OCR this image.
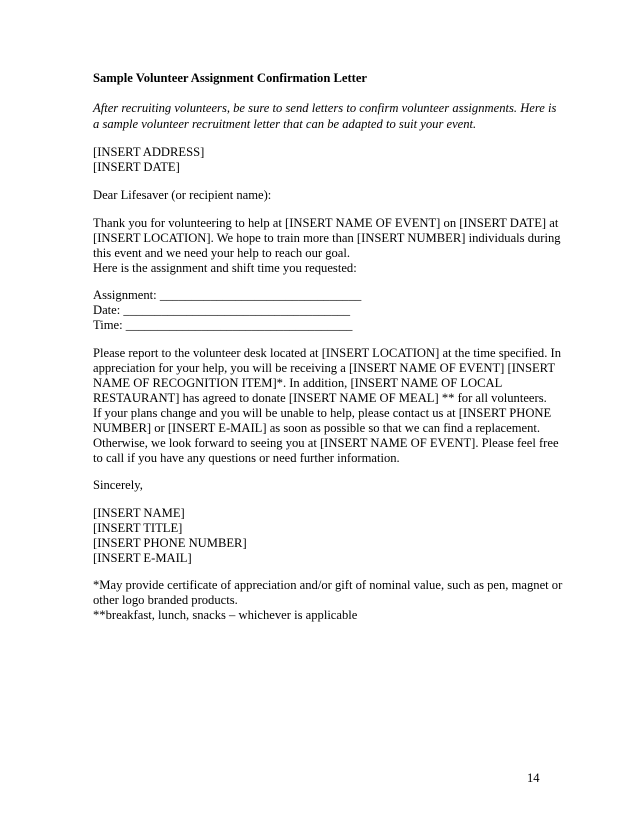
Sample Volunteer Assignment Confirmation Letter
After recruiting volunteers, be sure to send letters to confirm volunteer assignments. Here is
a sample volunteer recruitment letter that can be adapted to suit your event.
[INSERT ADDRESS]
[INSERT DATE]
Dear Lifesaver (or recipient name):
Thank you for volunteering to help at [INSERT NAME OF EVENT] on [INSERT DATE] at
[INSERT LOCATION]. We hope to train more than [INSERT NUMBER] individuals during
this event and we need your help to reach our goal.
Here is the assignment and shift time you requested:
Assignment: ________________________________
Date: ____________________________________
Time: ____________________________________
Please report to the volunteer desk located at [INSERT LOCATION] at the time specified. In
appreciation for your help, you will be receiving a [INSERT NAME OF EVENT] [INSERT
NAME OF RECOGNITION ITEM]*. In addition, [INSERT NAME OF LOCAL
RESTAURANT] has agreed to donate [INSERT NAME OF MEAL] ** for all volunteers.
If your plans change and you will be unable to help, please contact us at [INSERT PHONE
NUMBER] or [INSERT E-MAIL] as soon as possible so that we can find a replacement.
Otherwise, we look forward to seeing you at [INSERT NAME OF EVENT]. Please feel free
to call if you have any questions or need further information.
Sincerely,
[INSERT NAME]
[INSERT TITLE]
[INSERT PHONE NUMBER]
[INSERT E-MAIL]
*May provide certificate of appreciation and/or gift of nominal value, such as pen, magnet or
other logo branded products.
**breakfast, lunch, snacks – whichever is applicable
14
